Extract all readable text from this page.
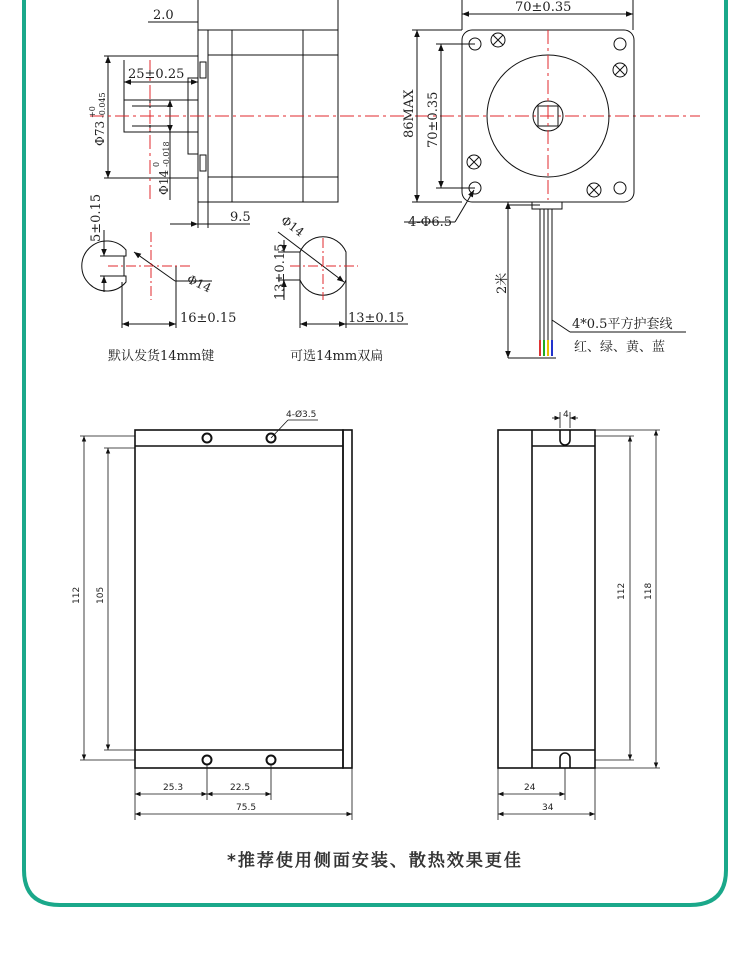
2.0
25±0.25
Φ73
+0 -0.045
Φ14
0 -0.018
9.5
70±0.35
86MAX 70±0.35
4-Φ6.5
2米
4*0.5平方护套线
红、绿、黄、蓝
5±0.15
Φ14
16±0.15
默认发货14mm键
Φ14
13±0.15
13±0.15
可选14mm双扁
4-Ø3.5
112 105
25.3	22.5
75.5
4
112 118
24
34
*推荐使用侧面安装、散热效果更佳
